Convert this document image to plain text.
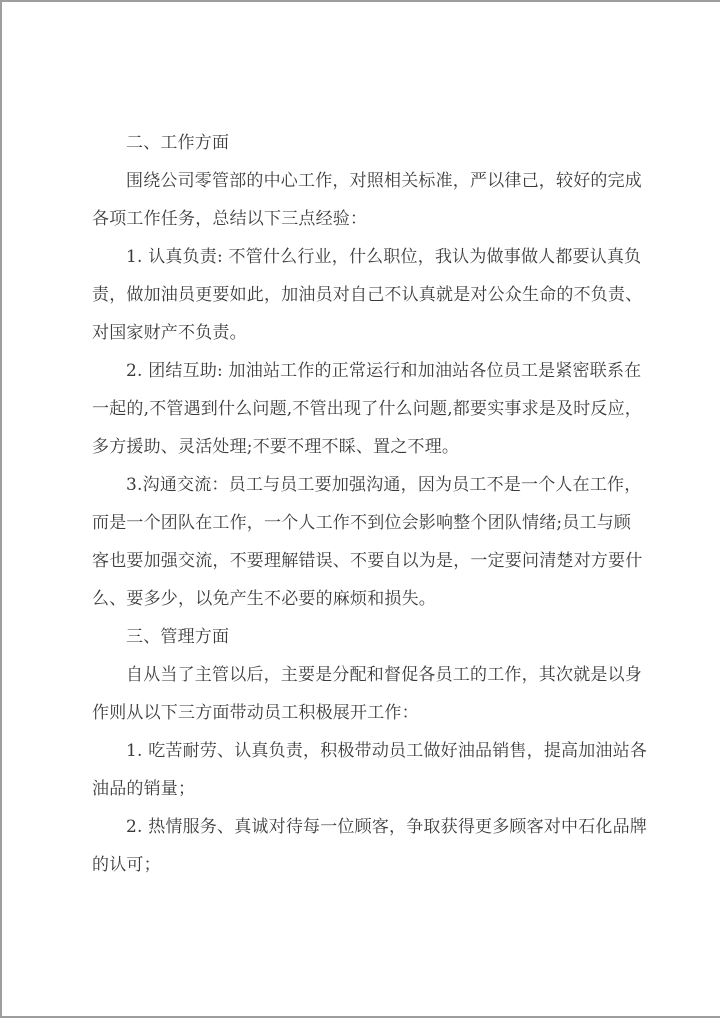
二、工作方面
围绕公司零管部的中心工作，对照相关标准，严以律己，较好的完成
各项工作任务，总结以下三点经验：
1. 认真负责: 不管什么行业，什么职位，我认为做事做人都要认真负
责，做加油员更要如此，加油员对自己不认真就是对公众生命的不负责、
对国家财产不负责。
2. 团结互助: 加油站工作的正常运行和加油站各位员工是紧密联系在
一起的,不管遇到什么问题,不管出现了什么问题,都要实事求是及时反应，
多方援助、灵活处理;不要不理不睬、置之不理。
3.沟通交流：员工与员工要加强沟通，因为员工不是一个人在工作，
而是一个团队在工作，一个人工作不到位会影响整个团队情绪;员工与顾
客也要加强交流，不要理解错误、不要自以为是，一定要问清楚对方要什
么、要多少，以免产生不必要的麻烦和损失。
三、管理方面
自从当了主管以后，主要是分配和督促各员工的工作，其次就是以身
作则从以下三方面带动员工积极展开工作：
1. 吃苦耐劳、认真负责，积极带动员工做好油品销售，提高加油站各
油品的销量；
2. 热情服务、真诚对待每一位顾客，争取获得更多顾客对中石化品牌
的认可；
